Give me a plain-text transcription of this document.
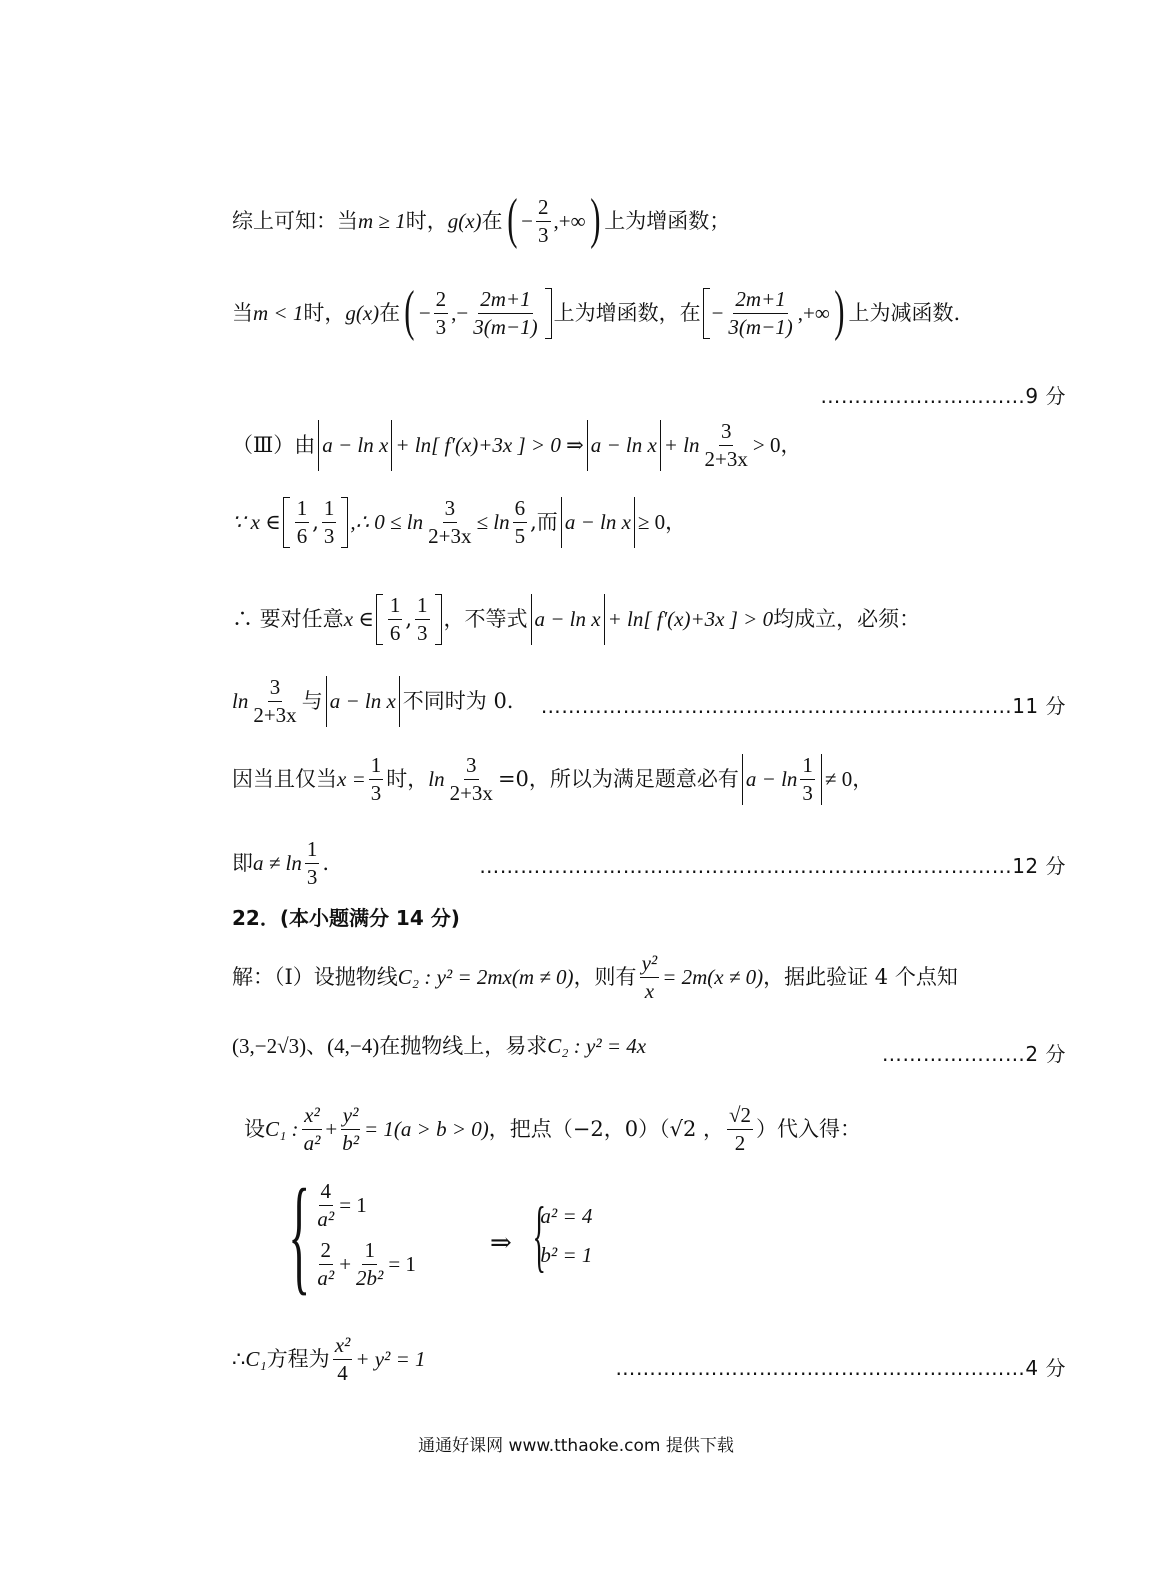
综上可知：当 m ≥ 1 时， g(x) 在 ( − $\frac{2}{3}$ ,+∞ ) 上为增函数；
当 m < 1 时， g(x) 在 ( − $\frac{2}{3}$ ,− $\frac{2m+1}{3(m-1)}$ 上为增函数，在 − $\frac{2m+1}{3(m-1)}$ ,+∞ ) 上为减函数.
…………………………9 分
（Ⅲ）由 a − ln x + ln[ f′(x)+3x ] > 0 ⇒ $a - \ln x + \ln \frac{3}{2+3x} > 0$，
∵ x ∈ $\frac{1}{6}$ , $\frac{1}{3}$ ,∴ $0 \le \ln \frac{3}{2+3x} \le \ln \frac{6}{5}$ ,而 a − ln x ≥ 0，
∴ 要对任意 x ∈ $\frac{1}{6}$ , $\frac{1}{3}$ ，不等式 a − ln x + ln[ f′(x)+3x ] > 0 均成立，必须：
$\ln \frac{3}{2+3x}$ 与 a − ln x 不同时为 0. ……………………………………………………………11 分
因当且仅当 $x = \frac{1}{3}$ 时， $\ln \frac{3}{2+3x} =0$，所以为满足题意必有 $a - \ln \frac{1}{3} \ne 0$，
即 $a \ne \ln \frac{1}{3}$ .	……………………………………………………………………12 分
22．(本小题满分 14 分)
解：（Ⅰ）设抛物线 C₂ : y² = 2mx(m ≠ 0) ，则有 $\frac{\text{y²}}{x} = 2m(x \ne 0)$ ，据此验证 4 个点知
(3,−2√3) 、 (4,−4) 在抛物线上，易求 C₂ : y² = 4x	…………………2 分
设 C₁ : $\frac{\text{x²}}{\text{a²}} + \frac{\text{y²}}{\text{b²}} = 1(a > b > 0)$ ，把点（−2，0）（√2 ， $\frac{√2}{2}$ ）代入得：
{ $\frac{4}{\text{a²}} = 1$
$\frac{2}{\text{a²}} + \frac{1}{\text{2b²}} = 1$
⇒ {
a² = 4
b² = 1
∴ C₁ 方程为 $\frac{\text{x²}}{4} + y^2 = 1$	……………………………………………………4 分
通通好课网 www.tthaoke.com 提供下载
